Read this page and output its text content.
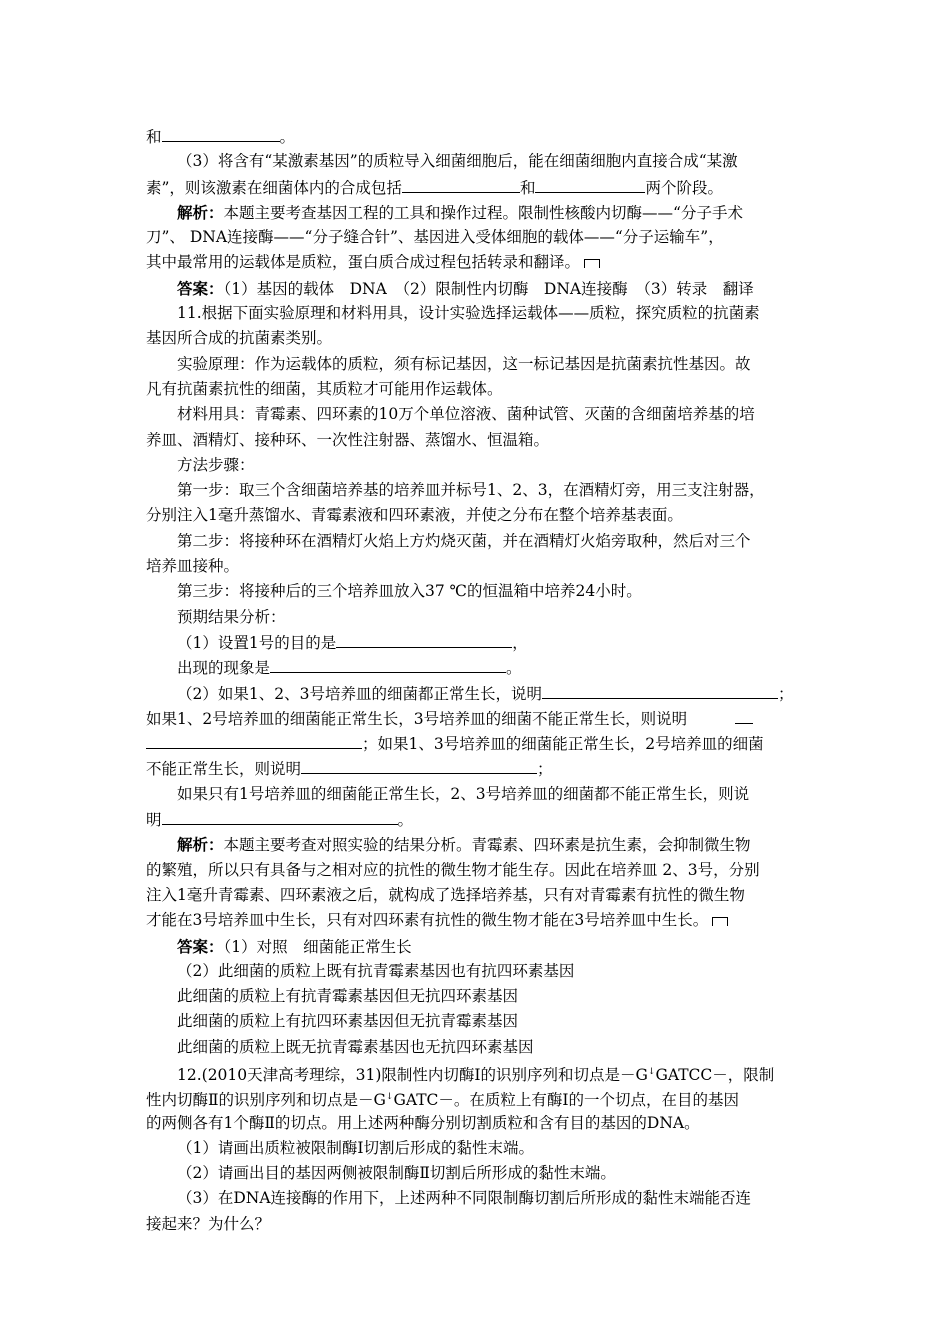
和	。
（3）将含有“某激素基因”的质粒导入细菌细胞后，能在细菌细胞内直接合成“某激
素”，则该激素在细菌体内的合成包括	和	两个阶段。
解析：本题主要考查基因工程的工具和操作过程。限制性核酸内切酶——“分子手术
刀”、 DNA连接酶——“分子缝合针”、基因进入受体细胞的载体——“分子运输车”，
其中最常用的运载体是质粒，蛋白质合成过程包括转录和翻译。
答案：（1）基因的载体　DNA　（2）限制性内切酶　DNA连接酶　（3）转录　翻译
11.根据下面实验原理和材料用具，设计实验选择运载体——质粒，探究质粒的抗菌素
基因所合成的抗菌素类别。
实验原理：作为运载体的质粒，须有标记基因，这一标记基因是抗菌素抗性基因。故
凡有抗菌素抗性的细菌，其质粒才可能用作运载体。
材料用具：青霉素、四环素的10万个单位溶液、菌种试管、灭菌的含细菌培养基的培
养皿、酒精灯、接种环、一次性注射器、蒸馏水、恒温箱。
方法步骤：
第一步：取三个含细菌培养基的培养皿并标号1、2、3，在酒精灯旁，用三支注射器，
分别注入1毫升蒸馏水、青霉素液和四环素液，并使之分布在整个培养基表面。
第二步：将接种环在酒精灯火焰上方灼烧灭菌，并在酒精灯火焰旁取种，然后对三个
培养皿接种。
第三步：将接种后的三个培养皿放入37 ℃的恒温箱中培养24小时。
预期结果分析：
（1）设置1号的目的是	，
出现的现象是	。
（2）如果1、2、3号培养皿的细菌都正常生长，说明	；
如果1、2号培养皿的细菌能正常生长，3号培养皿的细菌不能正常生长，则说明
；如果1、3号培养皿的细菌能正常生长，2号培养皿的细菌
不能正常生长，则说明	；
如果只有1号培养皿的细菌能正常生长，2、3号培养皿的细菌都不能正常生长，则说
明	。
解析：本题主要考查对照实验的结果分析。青霉素、四环素是抗生素，会抑制微生物
的繁殖，所以只有具备与之相对应的抗性的微生物才能生存。因此在培养皿 2、3号，分别
注入1毫升青霉素、四环素液之后，就构成了选择培养基，只有对青霉素有抗性的微生物
才能在3号培养皿中生长，只有对四环素有抗性的微生物才能在3号培养皿中生长。
答案：（1）对照　细菌能正常生长
（2）此细菌的质粒上既有抗青霉素基因也有抗四环素基因
此细菌的质粒上有抗青霉素基因但无抗四环素基因
此细菌的质粒上有抗四环素基因但无抗青霉素基因
此细菌的质粒上既无抗青霉素基因也无抗四环素基因
12.(2010天津高考理综，31)限制性内切酶Ⅰ的识别序列和切点是－G↓GATCC－，限制
性内切酶Ⅱ的识别序列和切点是－G↓GATC－。在质粒上有酶Ⅰ的一个切点，在目的基因
的两侧各有1个酶Ⅱ的切点。用上述两种酶分别切割质粒和含有目的基因的DNA。
（1）请画出质粒被限制酶Ⅰ切割后形成的黏性末端。
（2）请画出目的基因两侧被限制酶Ⅱ切割后所形成的黏性末端。
（3）在DNA连接酶的作用下，上述两种不同限制酶切割后所形成的黏性末端能否连
接起来？为什么？
